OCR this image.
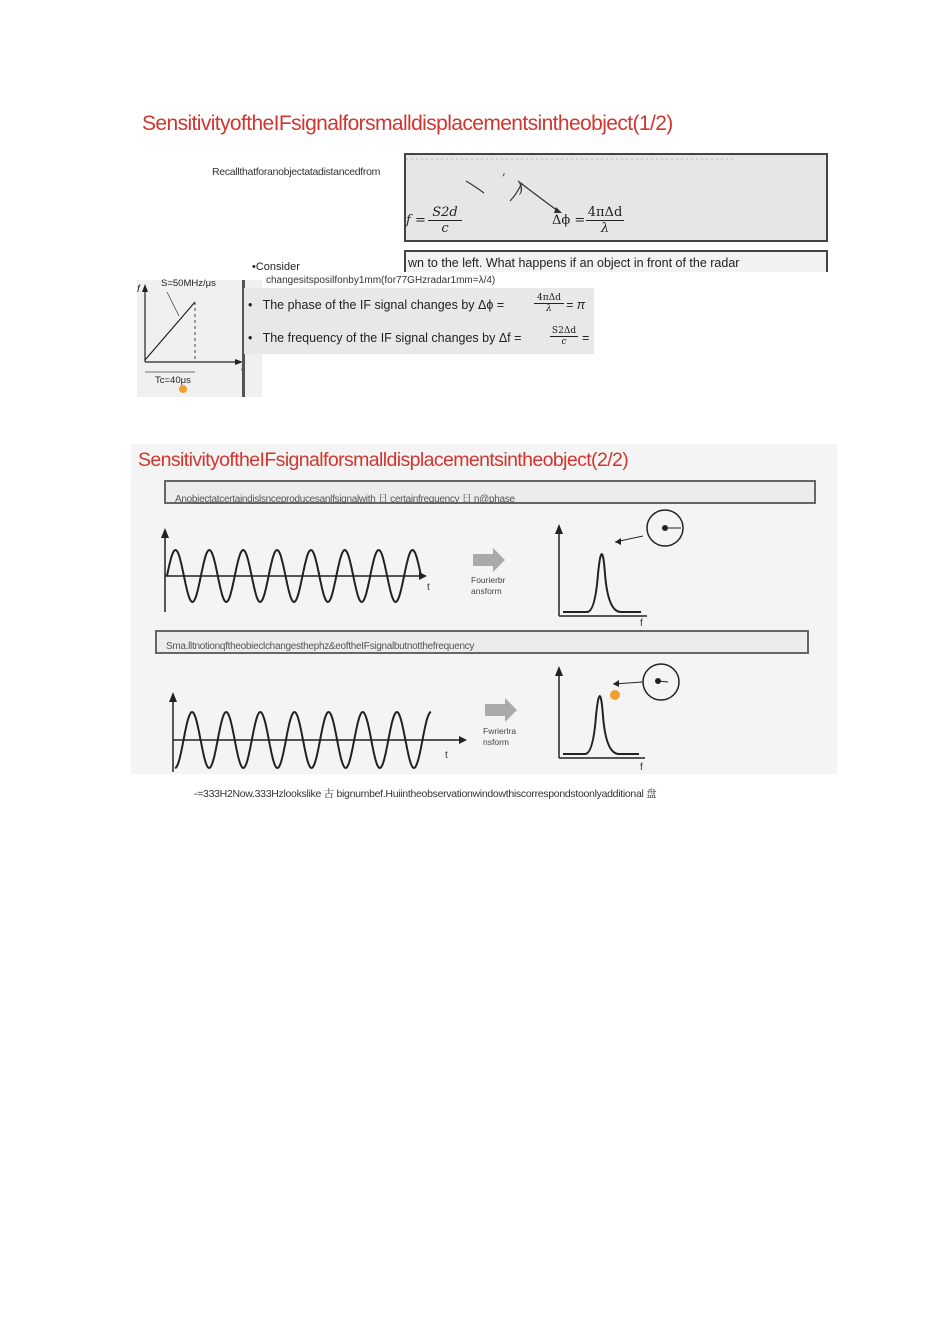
SensitivityoftheIFsignalforsmalldisplacementsintheobject(1/2)
Recallthatforanobjectatadistancedfrom	,
)
$f = \frac{S2d}{c}$	Δϕ =
4πΔd
λ
wn to the left. What happens if an object in front of the radar
•Consider
changesitsposilfonby1mm(for77GHzradar1mm=λ/4)
S=50MHz/μs
f
Tc=40μs
•   The phase of the IF signal changes by Δϕ =	4πΔd
λ	= π
•   The frequency of the IF signal changes by Δf =	$\frac{S2\Delta d}{c}$ =
Anobjectatcertaindislsnceproducesanlfsignalwith 日 certainfrequency 日 n@phase
t
f
Fourierbr
ansform
Sma.lltnotionqftheobieclchangesthephz&eoftheIFsignalbutnotthefrequency
t
f
Fwrierlra
nsform
SensitivityoftheIFsignalforsmalldisplacementsintheobject(2/2)
-=333H2Now.333Hzlookslike 古 bignumbef.Huiintheobservationwindowthiscorrespondstoonlyadditional 盘
